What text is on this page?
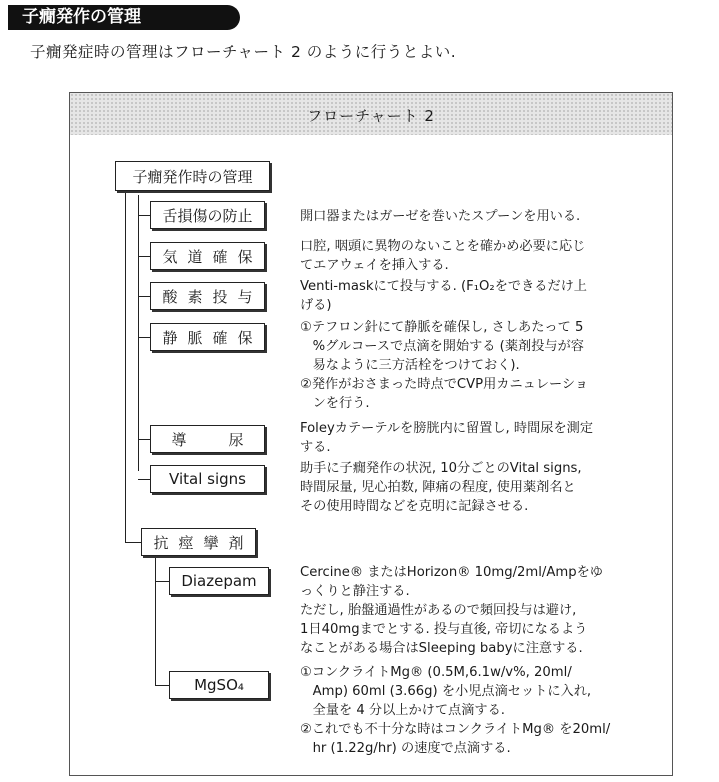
子癇発作の管理
子癇発症時の管理はフローチャート 2 のように行うとよい.
フローチャート 2
子癇発作時の管理
舌損傷の防止	開口器またはガーゼを巻いたスプーンを用いる.
気道確保
口腔, 咽頭に異物のないことを確かめ必要に応じ
てエアウェイを挿入する.
酸素投与
Venti-maskにて投与する. (F₁O₂をできるだけ上
げる)
静脈確保
①テフロン針にて静脈を確保し, さしあたって 5
%グルコースで点滴を開始する (薬剤投与が容
易なように三方活栓をつけておく).
②発作がおさまった時点でCVP用カニュレーショ
ンを行う.
導尿
Foleyカテーテルを膀胱内に留置し, 時間尿を測定
する.
Vital signs
助手に子癇発作の状況, 10分ごとのVital signs,
時間尿量, 児心拍数, 陣痛の程度, 使用薬剤名と
その使用時間などを克明に記録させる.
抗痙攣剤
Diazepam	Cercine® またはHorizon® 10mg/2ml/Ampをゆ
っくりと静注する.
ただし, 胎盤通過性があるので頻回投与は避け,
1日40mgまでとする. 投与直後, 帝切になるよう
なことがある場合はSleeping babyに注意する.
MgSO₄
①コンクライトMg® (0.5M,6.1w/v%, 20ml/
Amp) 60ml (3.66g) を小児点滴セットに入れ,
全量を 4 分以上かけて点滴する.
②これでも不十分な時はコンクライトMg® を20ml/
hr (1.22g/hr) の速度で点滴する.
